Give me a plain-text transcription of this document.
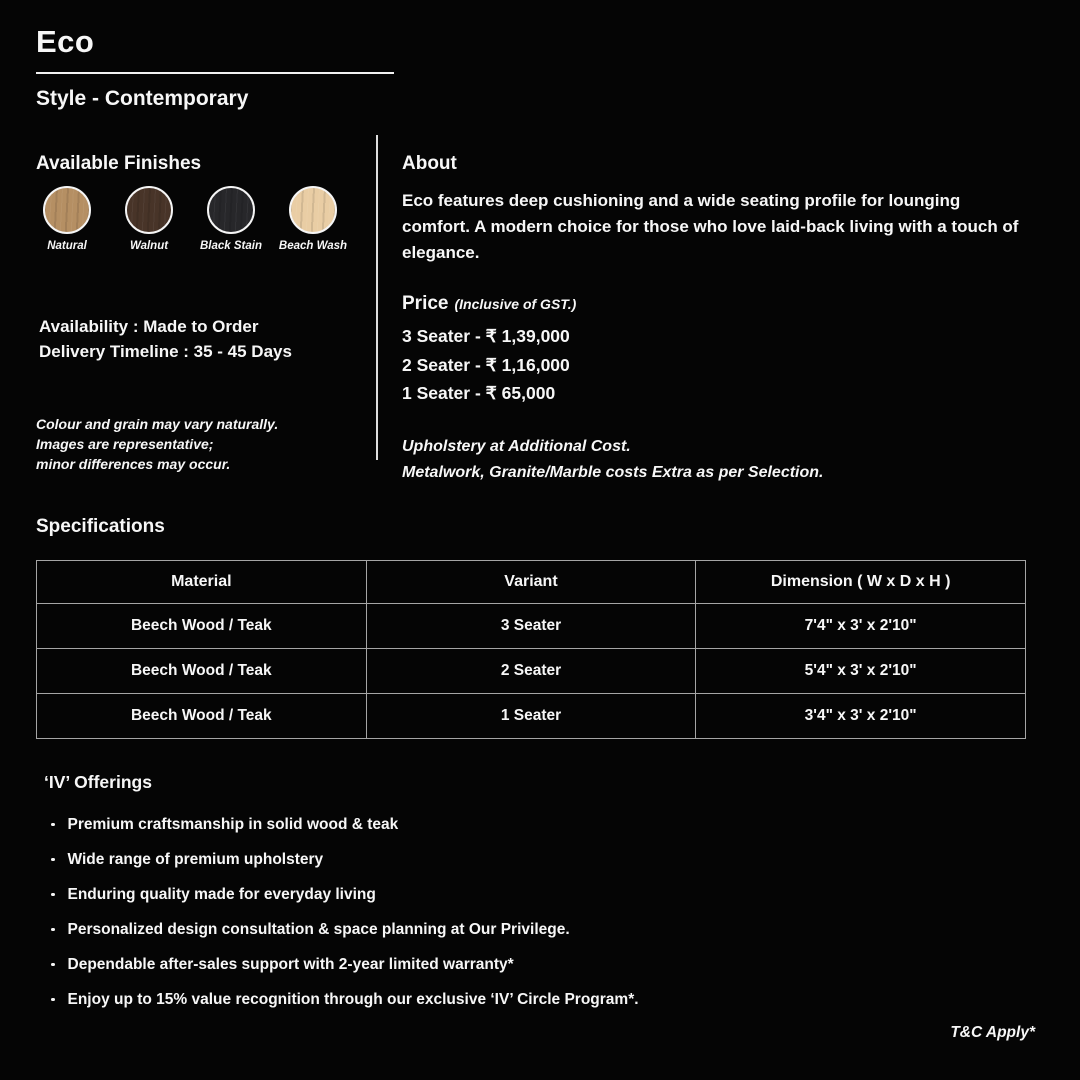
Eco
Style - Contemporary
Available Finishes
Natural	Walnut	Black Stain Beach Wash

Availability : Made to Order

Delivery Timeline : 35 - 45 Days

Colour and grain may vary naturally.

Images are representative;

minor differences may occur.

About

Eco features deep cushioning and a wide seating profile for lounging comfort. A modern choice for those who love laid-back living with a touch of elegance.

Price (Inclusive of GST.)

3 Seater - ₹ 1,39,000

2 Seater - ₹ 1,16,000

1 Seater - ₹ 65,000

Upholstery at Additional Cost.

Metalwork, Granite/Marble costs Extra as per Selection.

Specifications
Material	Variant	Dimension ( W x D x H )
Beech Wood / Teak	3 Seater	7'4" x 3' x 2'10"
Beech Wood / Teak	2 Seater	5'4" x 3' x 2'10"
Beech Wood / Teak	1 Seater	3'4" x 3' x 2'10"
‘IV’ Offerings
Premium craftsmanship in solid wood & teak
Wide range of premium upholstery
Enduring quality made for everyday living
Personalized design consultation & space planning at Our Privilege.
Dependable after-sales support with 2-year limited warranty*
Enjoy up to 15% value recognition through our exclusive ‘IV’ Circle Program*.

T&C Apply*
